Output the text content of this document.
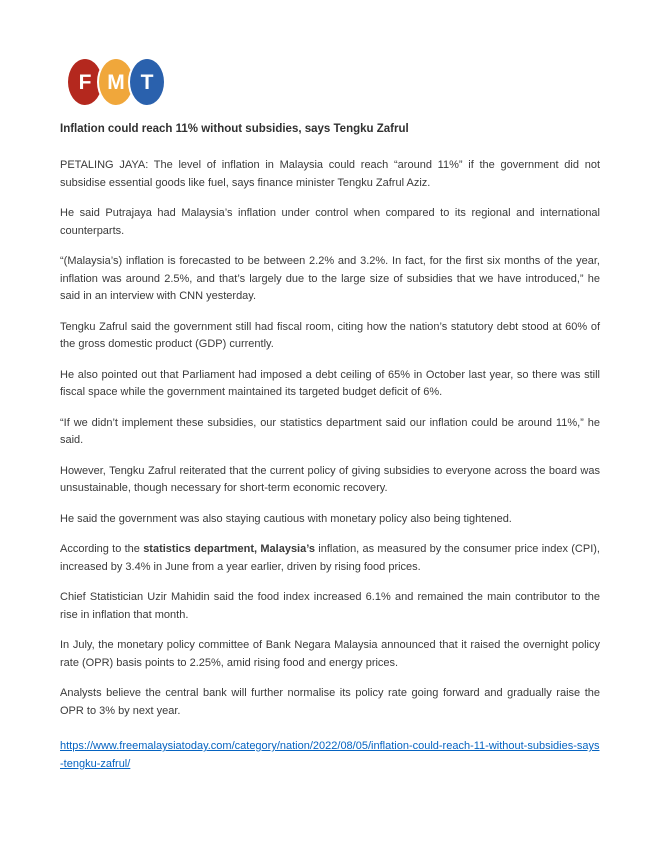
F M T
Inflation could reach 11% without subsidies, says Tengku Zafrul

PETALING JAYA: The level of inflation in Malaysia could reach “around 11%” if the government did not subsidise essential goods like fuel, says finance minister Tengku Zafrul Aziz.

He said Putrajaya had Malaysia’s inflation under control when compared to its regional and international counterparts.

“(Malaysia’s) inflation is forecasted to be between 2.2% and 3.2%. In fact, for the first six months of the year, inflation was around 2.5%, and that’s largely due to the large size of subsidies that we have introduced,” he said in an interview with CNN yesterday.

Tengku Zafrul said the government still had fiscal room, citing how the nation’s statutory debt stood at 60% of the gross domestic product (GDP) currently.

He also pointed out that Parliament had imposed a debt ceiling of 65% in October last year, so there was still fiscal space while the government maintained its targeted budget deficit of 6%.

“If we didn’t implement these subsidies, our statistics department said our inflation could be around 11%,” he said.

However, Tengku Zafrul reiterated that the current policy of giving subsidies to everyone across the board was unsustainable, though necessary for short-term economic recovery.

He said the government was also staying cautious with monetary policy also being tightened.

According to the statistics department, Malaysia’s inflation, as measured by the consumer price index (CPI), increased by 3.4% in June from a year earlier, driven by rising food prices.

Chief Statistician Uzir Mahidin said the food index increased 6.1% and remained the main contributor to the rise in inflation that month.

In July, the monetary policy committee of Bank Negara Malaysia announced that it raised the overnight policy rate (OPR) basis points to 2.25%, amid rising food and energy prices.

Analysts believe the central bank will further normalise its policy rate going forward and gradually raise the OPR to 3% by next year.

https://www.freemalaysiatoday.com/category/nation/2022/08/05/inflation-could-reach-11-without-subsidies-says-tengku-zafrul/
